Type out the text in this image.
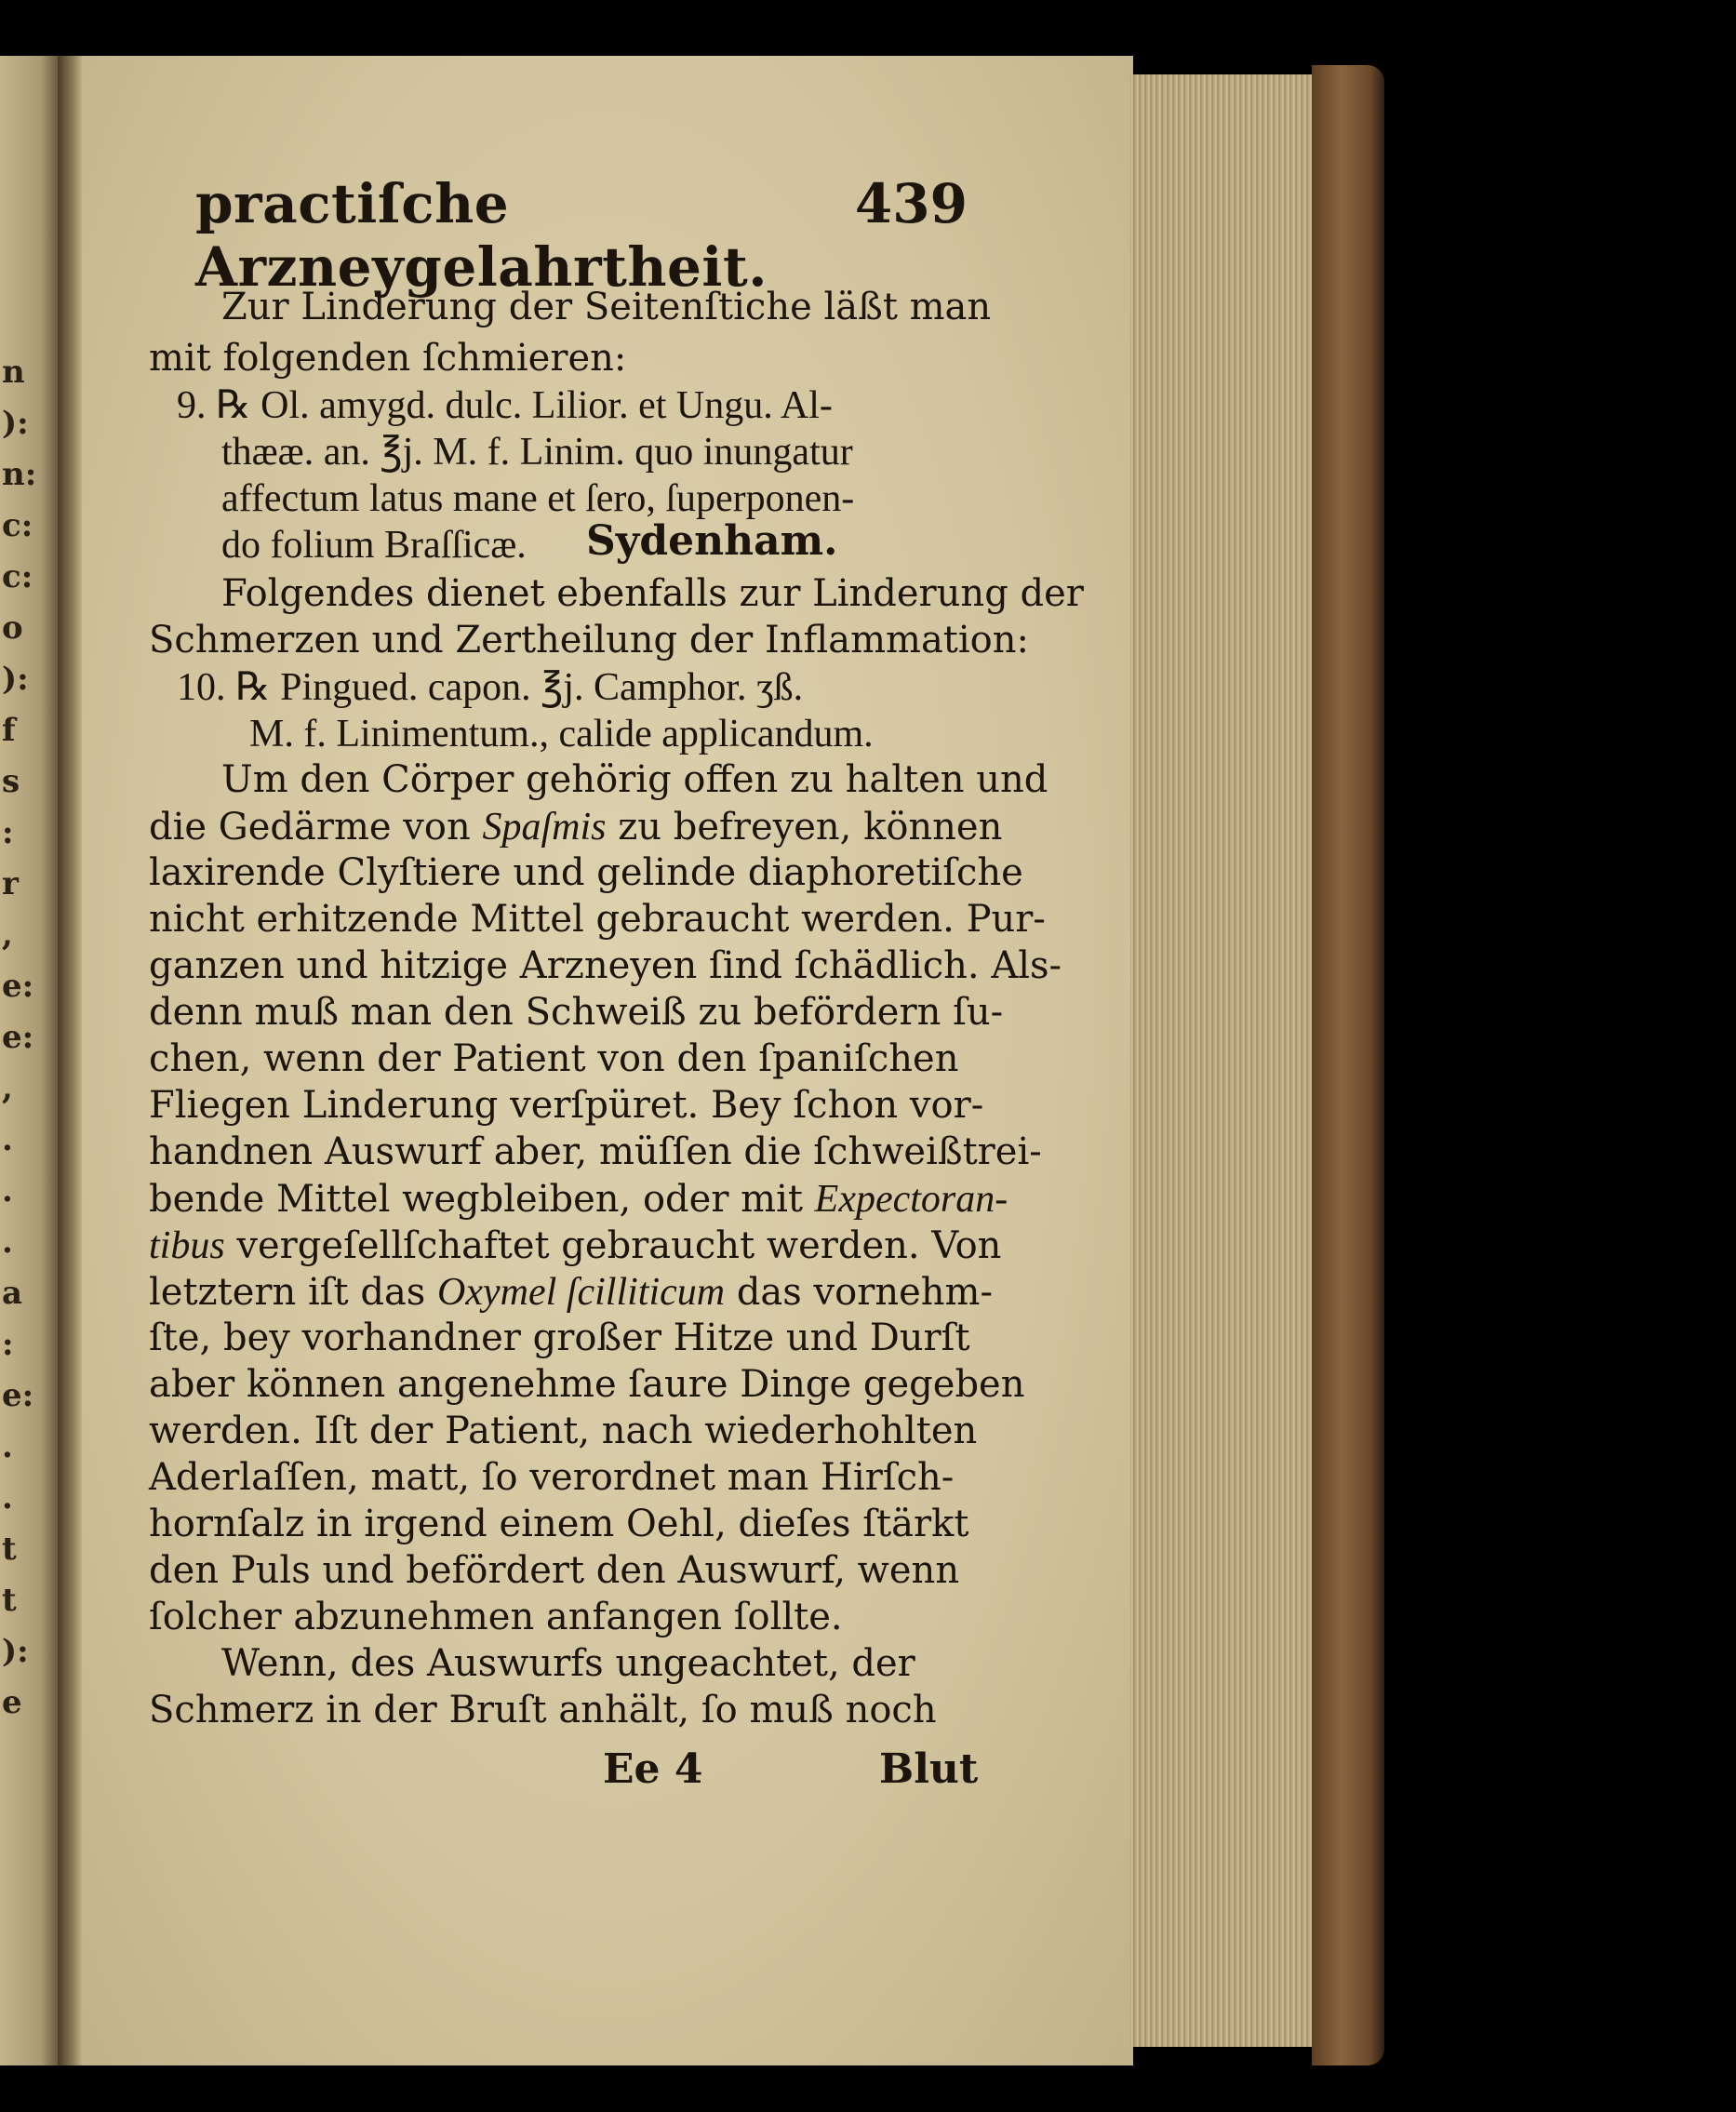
n
):
n:
c:
c:
o
):
f
s
:
r
,
e:
e:
,
.
.
.
a
:
e:
.
.
t
t
):
e
practiſche Arzneygelahrtheit.
439
Zur Linderung der Seitenſtiche läßt man
mit folgenden ſchmieren:
9. ℞ Ol. amygd. dulc. Lilior. et Ungu. Al-
thææ. an. ℥j. M. f. Linim. quo inungatur
affectum latus mane et ſero, ſuperponen-
do folium Braſſicæ. Sydenham.
Folgendes dienet ebenfalls zur Linderung der
Schmerzen und Zertheilung der Inflammation:
10. ℞ Pingued. capon. ℥j. Camphor. ʒß.
M. f. Linimentum., calide applicandum.
Um den Cörper gehörig offen zu halten und
die Gedärme von Spaſmis zu befreyen, können
laxirende Clyſtiere und gelinde diaphoretiſche
nicht erhitzende Mittel gebraucht werden. Pur-
ganzen und hitzige Arzneyen ſind ſchädlich. Als-
denn muß man den Schweiß zu befördern ſu-
chen, wenn der Patient von den ſpaniſchen
Fliegen Linderung verſpüret. Bey ſchon vor-
handnen Auswurf aber, müſſen die ſchweißtrei-
bende Mittel wegbleiben, oder mit Expectoran-
tibus vergeſellſchaftet gebraucht werden. Von
letztern iſt das Oxymel ſcilliticum das vornehm-
ſte, bey vorhandner großer Hitze und Durſt
aber können angenehme ſaure Dinge gegeben
werden. Iſt der Patient, nach wiederhohlten
Aderlaſſen, matt, ſo verordnet man Hirſch-
hornſalz in irgend einem Oehl, dieſes ſtärkt
den Puls und befördert den Auswurf, wenn
ſolcher abzunehmen anfangen ſollte.
Wenn, des Auswurfs ungeachtet, der
Schmerz in der Bruſt anhält, ſo muß noch
Ee 4	Blut
